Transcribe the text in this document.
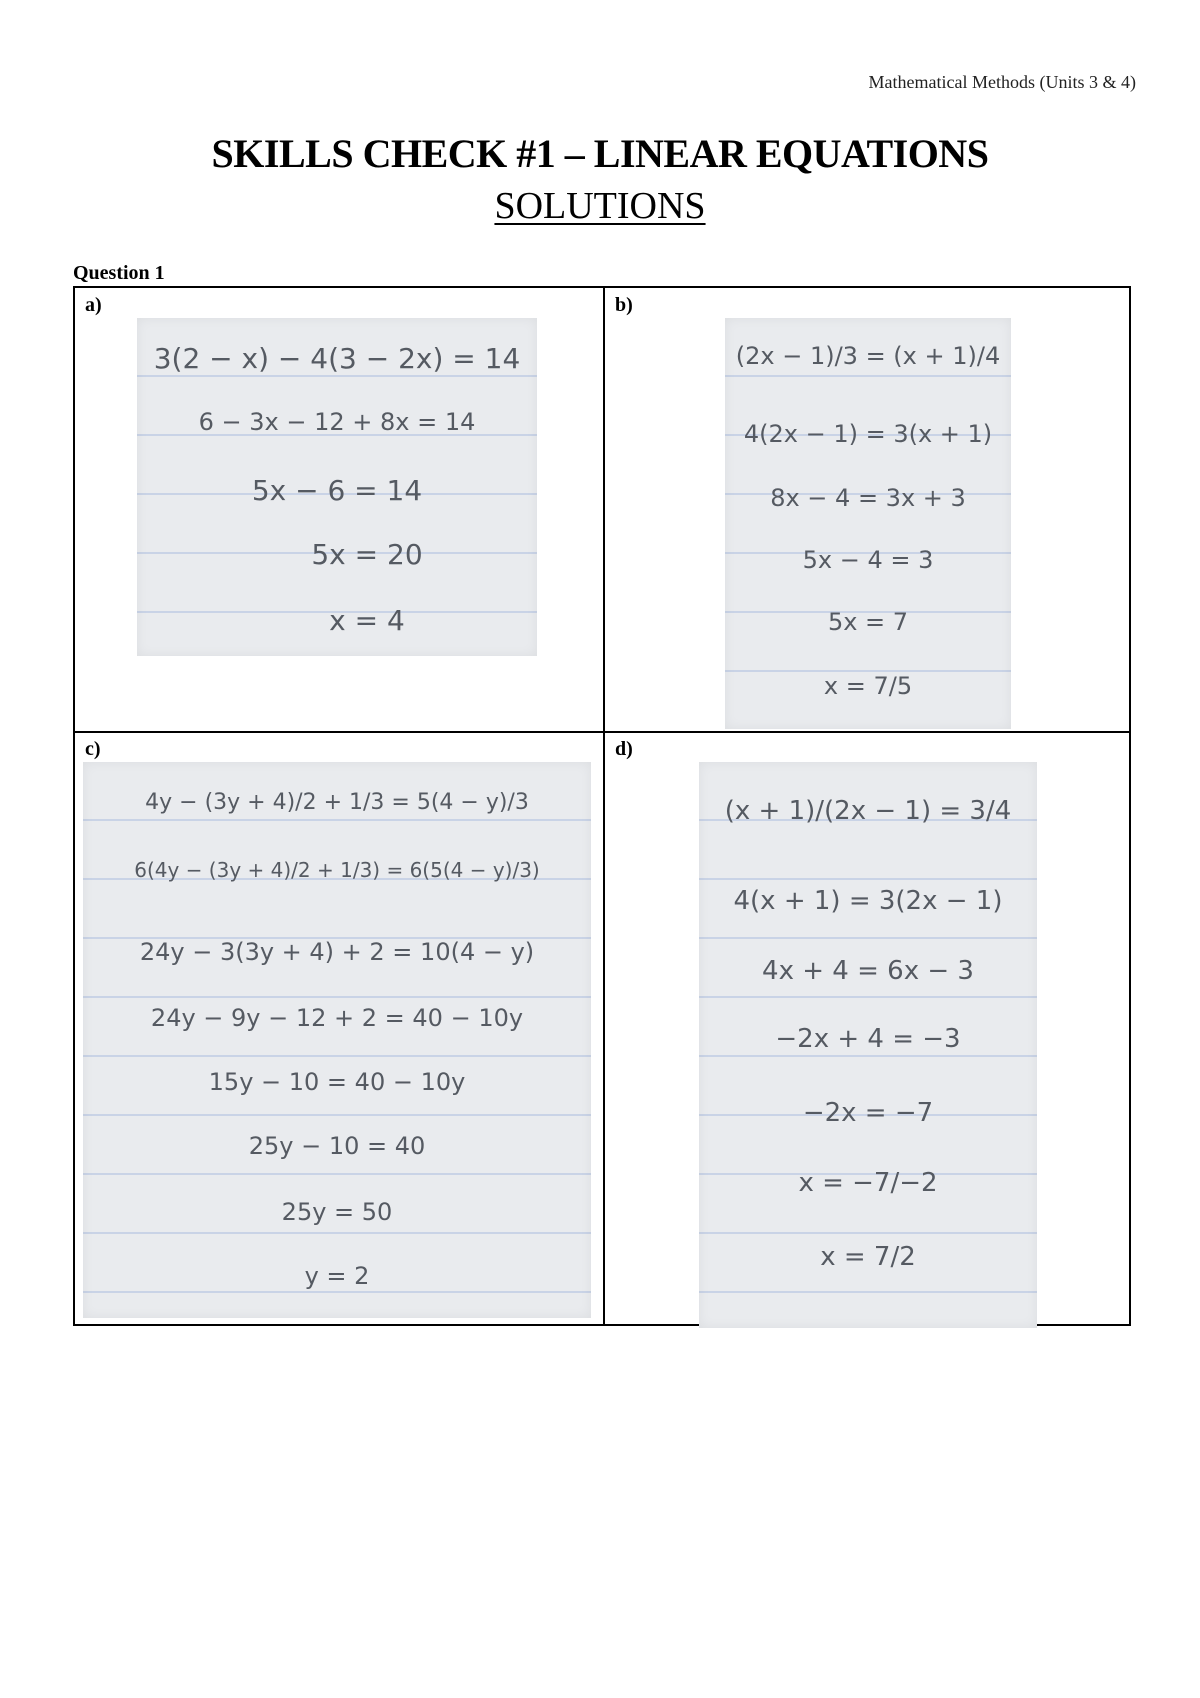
Mathematical Methods (Units 3 & 4)
SKILLS CHECK #1 – LINEAR EQUATIONS
SOLUTIONS
Question 1
a)
3(2 − x) − 4(3 − 2x) = 14
6 − 3x − 12 + 8x = 14
5x − 6 = 14
5x = 20
x = 4
b)
(2x − 1)/3 = (x + 1)/4
4(2x − 1) = 3(x + 1)
8x − 4 = 3x + 3
5x − 4 = 3
5x = 7
x = 7/5
c)
4y − (3y + 4)/2 + 1/3 = 5(4 − y)/3
6(4y − (3y + 4)/2 + 1/3) = 6(5(4 − y)/3)
24y − 3(3y + 4) + 2 = 10(4 − y)
24y − 9y − 12 + 2 = 40 − 10y
15y − 10 = 40 − 10y
25y − 10 = 40
25y = 50
y = 2
d)
(x + 1)/(2x − 1) = 3/4
4(x + 1) = 3(2x − 1)
4x + 4 = 6x − 3
−2x + 4 = −3
−2x = −7
x = −7/−2
x = 7/2
